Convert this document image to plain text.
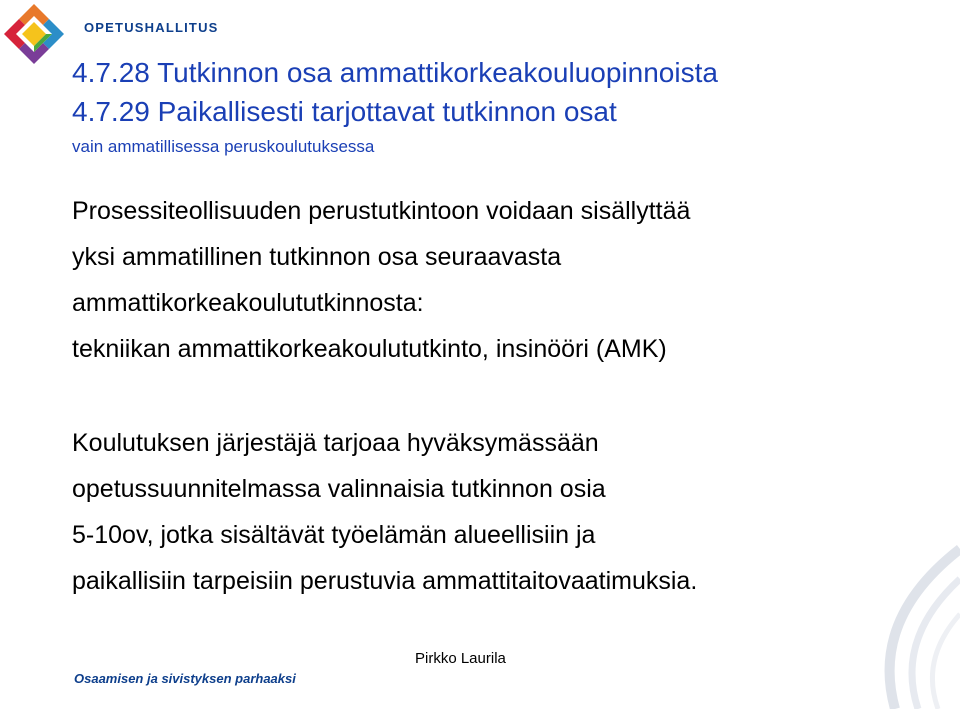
OPETUSHALLITUS
4.7.28 Tutkinnon osa ammattikorkeakouluopinnoista
4.7.29 Paikallisesti tarjottavat tutkinnon osat
vain ammatillisessa peruskoulutuksessa

Prosessiteollisuuden perustutkintoon voidaan sisällyttää
yksi ammatillinen tutkinnon osa seuraavasta
ammattikorkeakoulututkinnosta:
tekniikan ammattikorkeakoulututkinto, insinööri (AMK)

Koulutuksen järjestäjä tarjoaa hyväksymässään
opetussuunnitelmassa valinnaisia tutkinnon osia
5-10ov, jotka sisältävät työelämän alueellisiin ja
paikallisiin tarpeisiin perustuvia ammattitaitovaatimuksia.

Pirkko Laurila
Osaamisen ja sivistyksen parhaaksi
